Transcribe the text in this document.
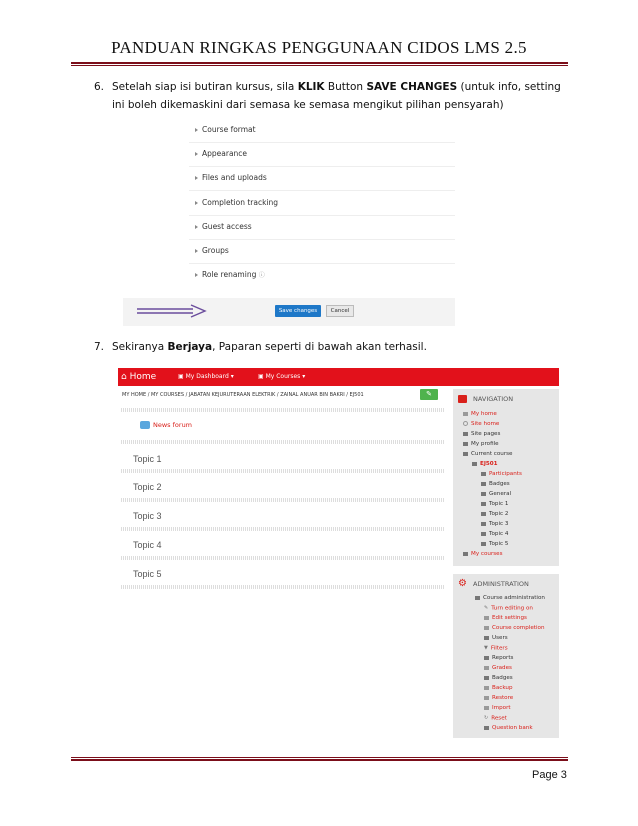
PANDUAN RINGKAS PENGGUNAAN CIDOS LMS 2.5
6. Setelah siap isi butiran kursus, sila KLIK Button SAVE CHANGES (untuk info, setting ini boleh dikemaskini dari semasa ke semasa mengikut pilihan pensyarah)
Course format
Appearance
Files and uploads
Completion tracking
Guest access
Groups
Role renaming ⓘ
Save changes	Cancel
7. Sekiranya Berjaya, Paparan seperti di bawah akan terhasil.
⌂ Home	▣ My Dashboard ▾	▣ My Courses ▾
MY HOME / MY COURSES / JABATAN KEJURUTERAAN ELEKTRIK / ZAINAL ANUAR BIN BAKRI / EJ501	✎
News forum
Topic 1
Topic 2
Topic 3
Topic 4
Topic 5
NAVIGATION
My home
Site home
Site pages
My profile
Current course
EJ501
Participants
Badges
General
Topic 1
Topic 2
Topic 3
Topic 4
Topic 5
My courses
⚙ ADMINISTRATION
Course administration
✎ Turn editing on
Edit settings
Course completion
Users
▼ Filters
Reports
Grades
Badges
Backup
Restore
Import
↻ Reset
Question bank
Page 3
